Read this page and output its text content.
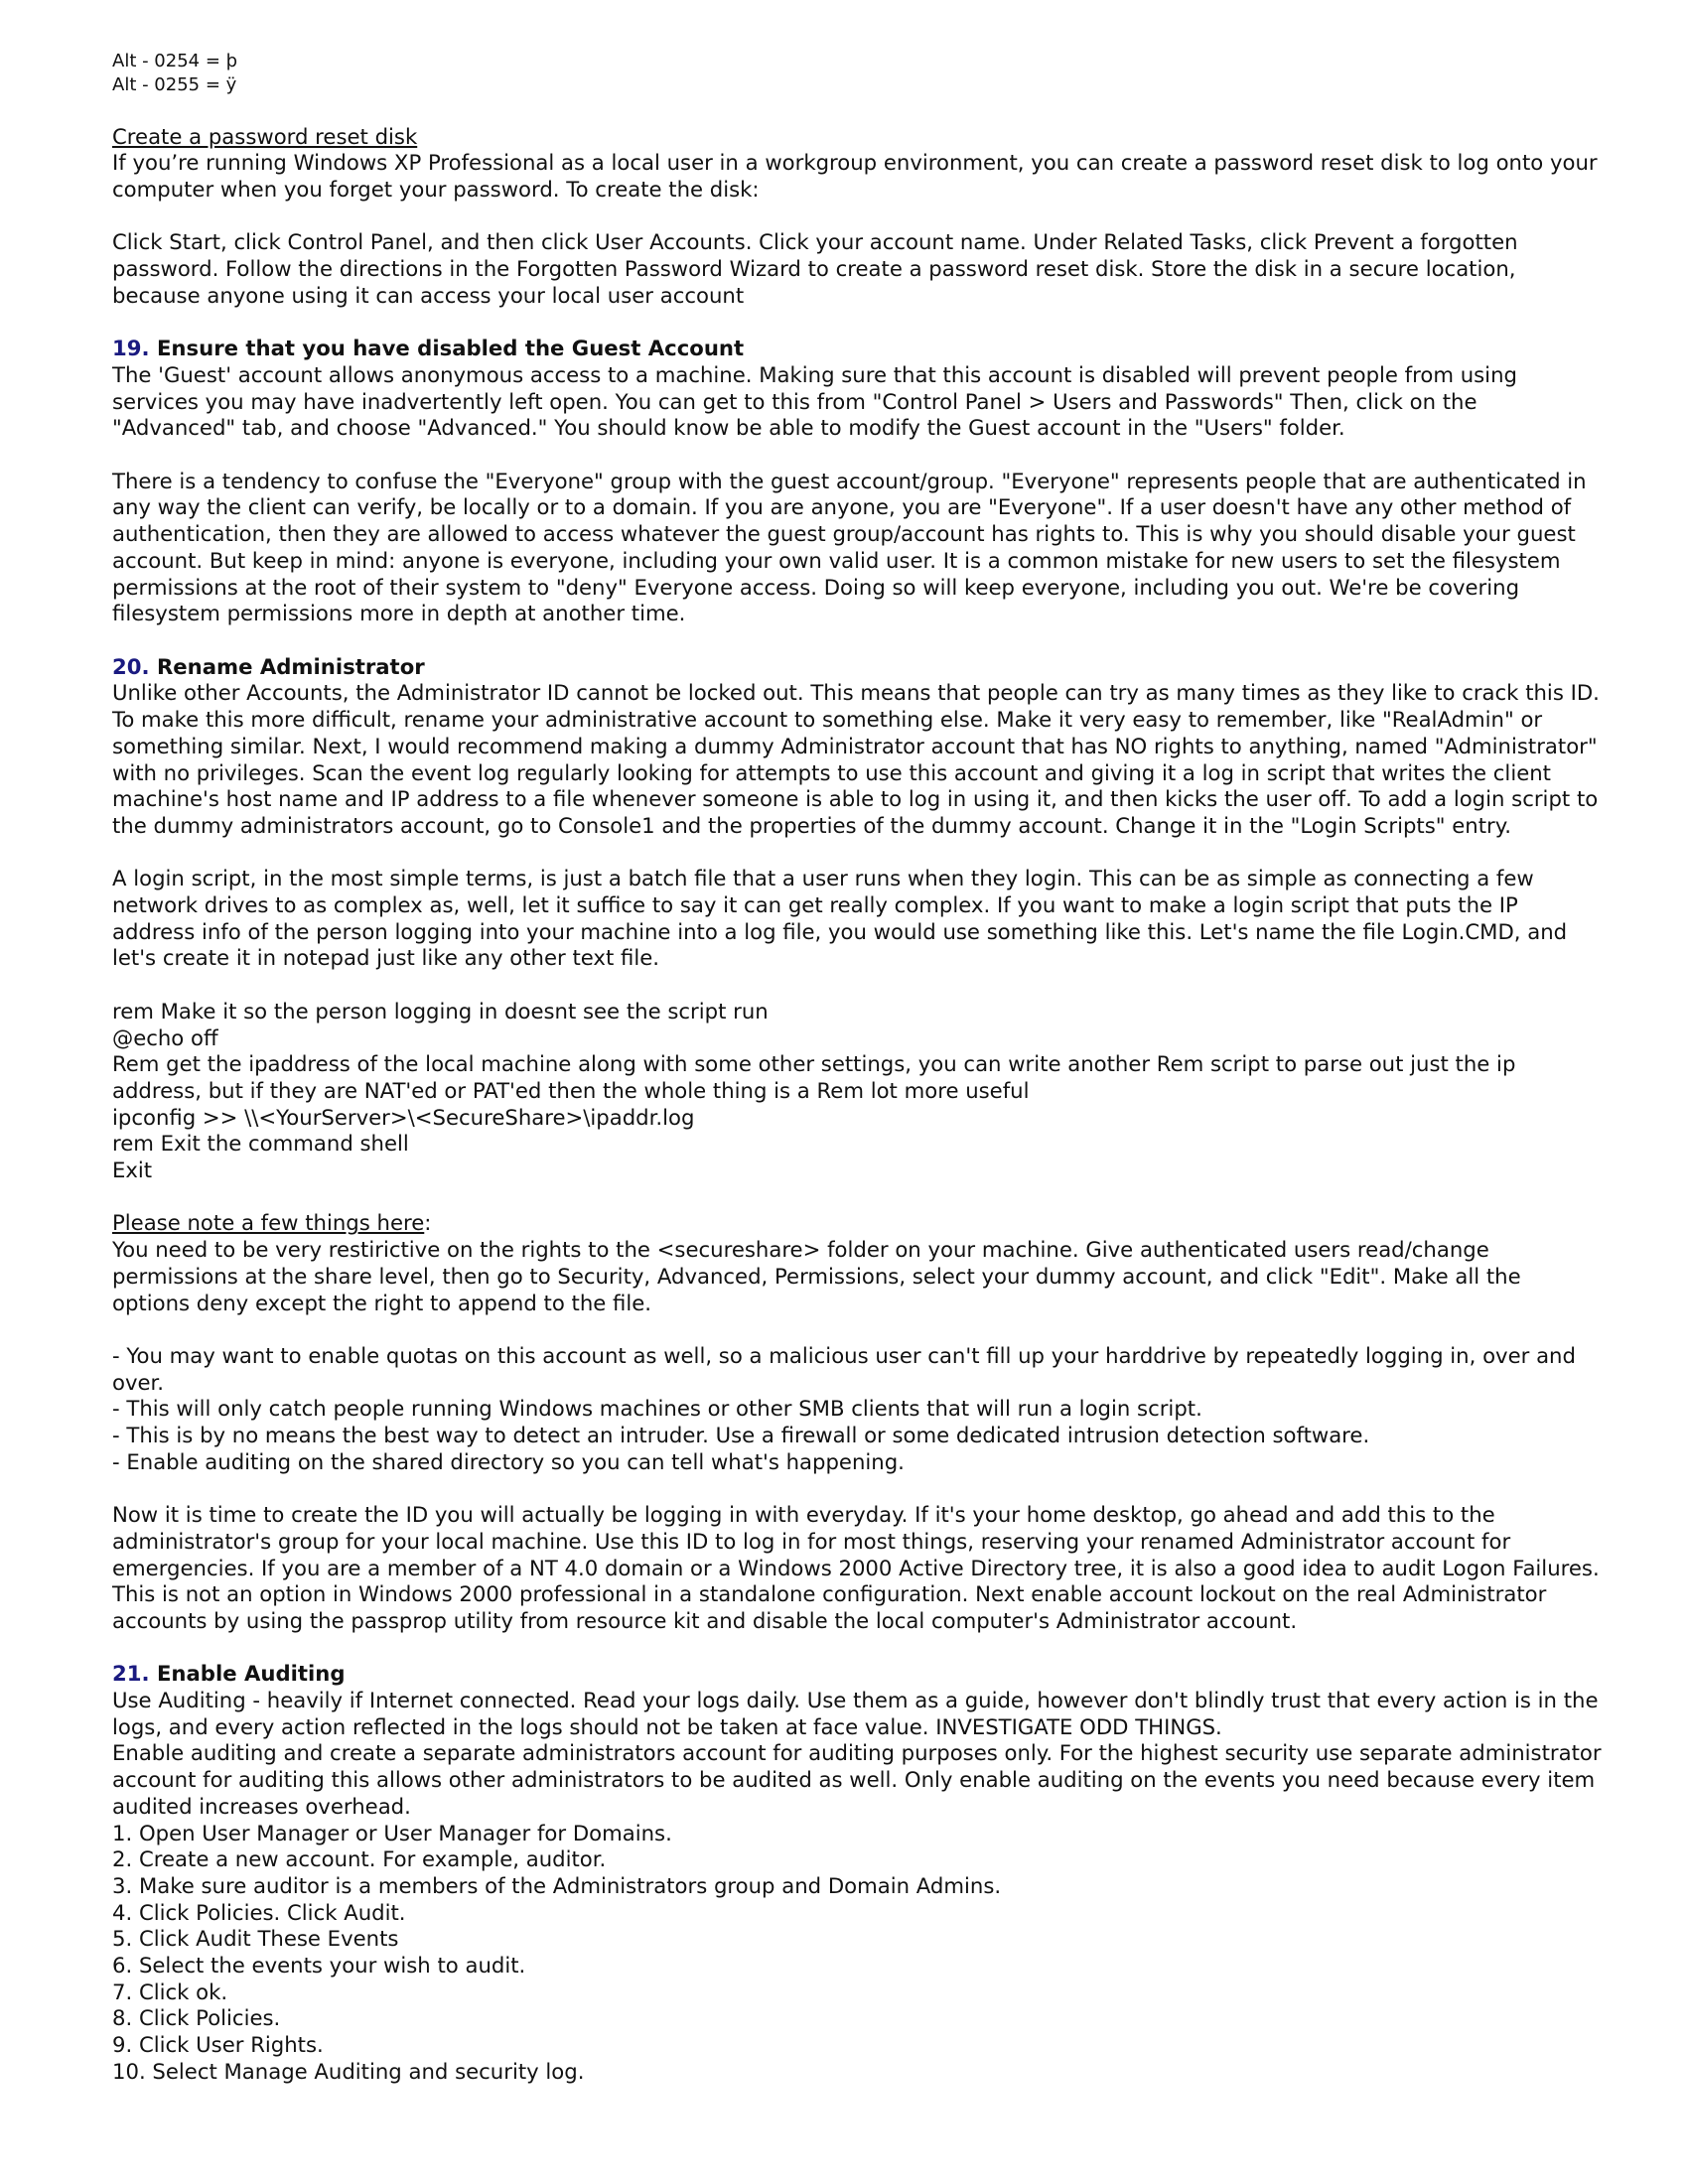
Alt - 0254 = þ

Alt - 0255 = ÿ

Create a password reset disk

If you’re running Windows XP Professional as a local user in a workgroup environment, you can create a password reset disk to log onto your computer when you forget your password. To create the disk:

Click Start, click Control Panel, and then click User Accounts. Click your account name. Under Related Tasks, click Prevent a forgotten password. Follow the directions in the Forgotten Password Wizard to create a password reset disk. Store the disk in a secure location, because anyone using it can access your local user account

19. Ensure that you have disabled the Guest Account

The 'Guest' account allows anonymous access to a machine. Making sure that this account is disabled will prevent people from using services you may have inadvertently left open. You can get to this from "Control Panel > Users and Passwords" Then, click on the "Advanced" tab, and choose "Advanced." You should know be able to modify the Guest account in the "Users" folder.

There is a tendency to confuse the "Everyone" group with the guest account/group. "Everyone" represents people that are authenticated in any way the client can verify, be locally or to a domain. If you are anyone, you are "Everyone". If a user doesn't have any other method of authentication, then they are allowed to access whatever the guest group/account has rights to. This is why you should disable your guest account. But keep in mind: anyone is everyone, including your own valid user. It is a common mistake for new users to set the filesystem permissions at the root of their system to "deny" Everyone access. Doing so will keep everyone, including you out. We're be covering filesystem permissions more in depth at another time.

20. Rename Administrator

Unlike other Accounts, the Administrator ID cannot be locked out. This means that people can try as many times as they like to crack this ID. To make this more difficult, rename your administrative account to something else. Make it very easy to remember, like "RealAdmin" or something similar. Next, I would recommend making a dummy Administrator account that has NO rights to anything, named "Administrator" with no privileges. Scan the event log regularly looking for attempts to use this account and giving it a log in script that writes the client machine's host name and IP address to a file whenever someone is able to log in using it, and then kicks the user off. To add a login script to the dummy administrators account, go to Console1 and the properties of the dummy account. Change it in the "Login Scripts" entry.

A login script, in the most simple terms, is just a batch file that a user runs when they login. This can be as simple as connecting a few network drives to as complex as, well, let it suffice to say it can get really complex. If you want to make a login script that puts the IP address info of the person logging into your machine into a log file, you would use something like this. Let's name the file Login.CMD, and let's create it in notepad just like any other text file.

rem Make it so the person logging in doesnt see the script run

@echo off

Rem get the ipaddress of the local machine along with some other settings, you can write another Rem script to parse out just the ip address, but if they are NAT'ed or PAT'ed then the whole thing is a Rem lot more useful

ipconfig >> \\<YourServer>\<SecureShare>\ipaddr.log

rem Exit the command shell

Exit

Please note a few things here:

You need to be very restirictive on the rights to the <secureshare> folder on your machine. Give authenticated users read/change permissions at the share level, then go to Security, Advanced, Permissions, select your dummy account, and click "Edit". Make all the options deny except the right to append to the file.

- You may want to enable quotas on this account as well, so a malicious user can't fill up your harddrive by repeatedly logging in, over and over.

- This will only catch people running Windows machines or other SMB clients that will run a login script.

- This is by no means the best way to detect an intruder. Use a firewall or some dedicated intrusion detection software.

- Enable auditing on the shared directory so you can tell what's happening.

Now it is time to create the ID you will actually be logging in with everyday. If it's your home desktop, go ahead and add this to the administrator's group for your local machine. Use this ID to log in for most things, reserving your renamed Administrator account for emergencies. If you are a member of a NT 4.0 domain or a Windows 2000 Active Directory tree, it is also a good idea to audit Logon Failures. This is not an option in Windows 2000 professional in a standalone configuration. Next enable account lockout on the real Administrator accounts by using the passprop utility from resource kit and disable the local computer's Administrator account.

21. Enable Auditing

Use Auditing - heavily if Internet connected. Read your logs daily. Use them as a guide, however don't blindly trust that every action is in the logs, and every action reflected in the logs should not be taken at face value. INVESTIGATE ODD THINGS.

Enable auditing and create a separate administrators account for auditing purposes only. For the highest security use separate administrator account for auditing this allows other administrators to be audited as well. Only enable auditing on the events you need because every item audited increases overhead.

1. Open User Manager or User Manager for Domains.

2. Create a new account. For example, auditor.

3. Make sure auditor is a members of the Administrators group and Domain Admins.

4. Click Policies. Click Audit.

5. Click Audit These Events

6. Select the events your wish to audit.

7. Click ok.

8. Click Policies.

9. Click User Rights.

10. Select Manage Auditing and security log.
